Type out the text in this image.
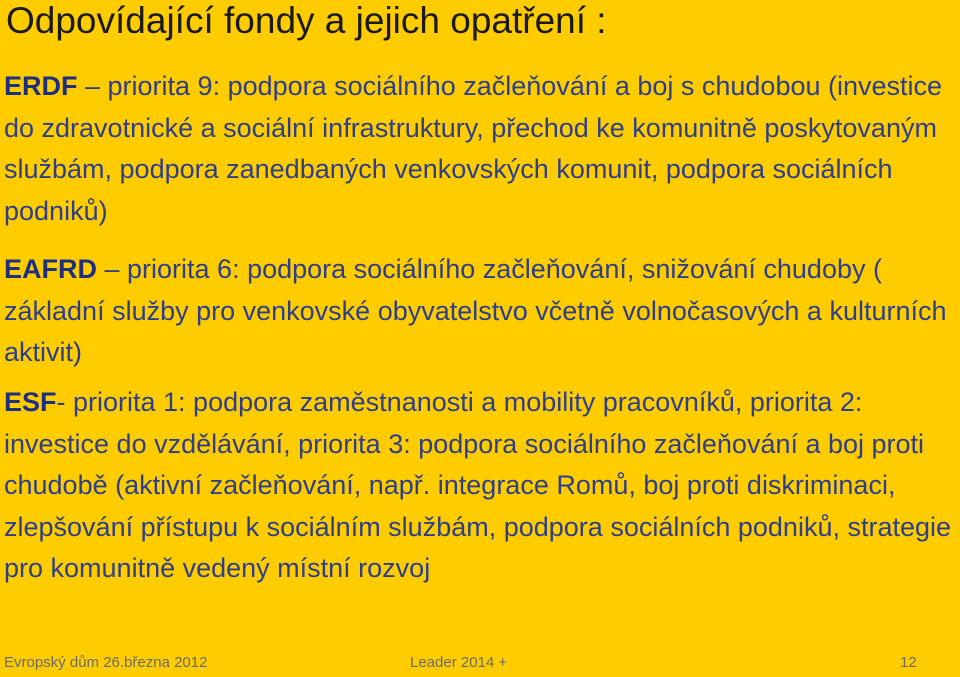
Odpovídající fondy a jejich opatření :
ERDF – priorita 9: podpora sociálního začleňování a boj s chudobou (investice do zdravotnické a sociální infrastruktury, přechod ke komunitně poskytovaným službám, podpora zanedbaných venkovských komunit, podpora sociálních podniků)
EAFRD – priorita 6: podpora sociálního začleňování, snižování chudoby ( základní služby pro venkovské obyvatelstvo včetně volnočasových a kulturních aktivit)
ESF- priorita 1: podpora zaměstnanosti a mobility pracovníků, priorita 2: investice do vzdělávání, priorita 3: podpora sociálního začleňování a boj proti chudobě (aktivní začleňování, např. integrace Romů, boj proti diskriminaci, zlepšování přístupu k sociálním službám, podpora sociálních podniků, strategie pro komunitně vedený místní rozvoj
Evropský dům 26.března 2012	Leader 2014 +	12
